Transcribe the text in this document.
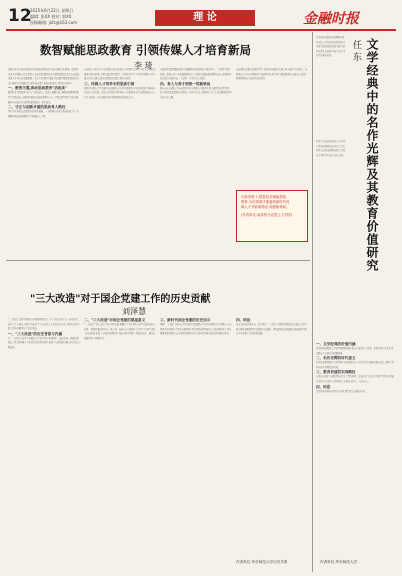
12
2025年6月22日 星期日
编辑: 张XX 校对: 郭XX
投稿邮箱: jxfz@163.com	理 论	金融时报
数智赋能思政教育 引领传媒人才培育新局
李 琦
以数字化为代表的新技术正深刻改变着教育生态与传媒行业格局。思政教育作为立德树人的关键环节,如何借助数智技术实现提质增效,成为当前高校传媒人才培养的重要课题。本文立足新时代要求,探讨数智赋能思政教育的内在逻辑与实践路径,以期为培育德才兼备的传媒人才提供有益参考。
一、数智为翼,推动思政教育"活起来"
数智技术为思政教育注入了新的活力。借助大数据分析,教师能够精准把握学生思想动态,实现因材施教;依托虚拟现实与人工智能,课堂教学由单向灌输转向沉浸互动,使理论更加鲜活、易于接受。
二、守正与创新并重的思政育人路径
坚持守正创新是思政教育的根本遵循。一方面要守牢意识形态阵地,另一方面要积极运用新媒体平台拓展育人空间。
在传媒人才培养中,应将思政元素有机融入专业课程,引导学生树立正确的新闻观与职业伦理。同时,通过智慧课堂、在线学习平台等手段,构建线上线下融合的育人模式,提升思政教育的覆盖面与实效性。
三、传媒人才培养中的思政引领
新时代传媒人才不仅要具备过硬的专业本领,更要具有坚定的政治立场和高度的社会责任感。高校应以思政引领为核心,以数智技术为支撑,推动育人与育才有机统一,培养能够讲好中国故事的高素质人才。
实践证明,数智赋能能够有效破解传统思政教育中形式单一、针对性不强等问题。高校应进一步加强顶层设计,完善制度保障,推动数智技术与思政教育深度融合,形成全员、全过程、全方位育人格局。
四、育人与育才相统一的新格局
面向未来,传媒人才培育须坚持以立德树人为根本任务,以数智化转型为契机,不断创新思政教育的理念、内容与方法,为建设社会主义文化强国提供坚实的人才支撑。
与此同时,还要注重发挥学生主体作用,鼓励其在数字化实践中主动思考、自我教育,在参与中增强对主流价值的认同,真正实现思政教育入脑入心,推动形成积极向上的校园文化氛围。
在新形势下,数智技术赋能思政
教育,为培育德才兼备的新时代传
媒人才开辟新路径,构建新格局。
(作者单位:某高校马克思主义学院)
"三大改造"对于国企党建工作的历史贡献
刘泽慧
“三大改造”是新中国成立初期我国对农业、手工业和资本主义工商业进行的社会主义改造,实现了由新民主主义向社会主义的伟大转变,为国有企业党建工作的开展奠定了制度基础。
一、"三大改造"的历史背景与内涵
在“三大改造”过程中,党通过在企业中建立基层组织、选派干部、开展思想政治工作,逐步确立了党对企业的领导地位,形成了以党组织为核心的企业治理结构。
二、"三大改造"对国企党建的奠基意义
“三大改造”不仅完成了所有制的变革,更确立了党在国有企业中的政治核心作用。党组织通过把方向、管大局、保落实,有效推动了企业生产经营与职工队伍建设,积累了宝贵的党建经验,为此后国企党建工作的制度化、规范化发展提供了重要借鉴。
三、新时代国企党建的历史启示
回顾“三大改造”的历史,对于新时代加强国有企业党的建设具有重要启示:必须坚持党对国有企业的全面领导,坚持把党的领导融入公司治理各环节,坚持建强基层党组织,充分发挥党组织的战斗堡垒作用和党员的先锋模范作用。
四、结语
历史是最好的教科书。深入研究“三大改造”对国企党建的历史贡献,有助于我们更好地把握国企党建的历史逻辑、理论逻辑和实践逻辑,推动新时代国有企业党建工作高质量发展。
作者单位:华东师范大学历史学系
文学经典承载着民族精神与时代记忆,其中的名作以独特的艺术魅力和深刻的思想内涵,历经岁月洗礼而光辉不减,具有不可替代的教育价值。	文学经典中的名作光辉及其教育价值研究
任 东
名作之所以成为经典,在于其对人性的深刻洞察和对社会生活的真实反映,能够跨越时空引发读者共鸣,给人以启迪与力量。
一、文学经典的价值内涵
文学经典凝聚着人类优秀的精神成果,蕴含丰富的审美价值、思想价值与文化价值,是涵养人文素养的重要源泉。
二、名作光辉的时代意义
名作的光辉体现在其对真善美的执着追求,在当代仍具有强烈的现实意义,能够引导青年树立正确的价值观。
三、教育价值的实现路径
在教育实践中,应通过细读文本、情境体验、比较阅读等方式,引导学生感受名作魅力,提升审美能力与思辨能力,实现以文化人、以文育人。
四、结语
文学经典的教育价值历久弥新,值得深入挖掘与传承。
作者单位:华东师范大学
